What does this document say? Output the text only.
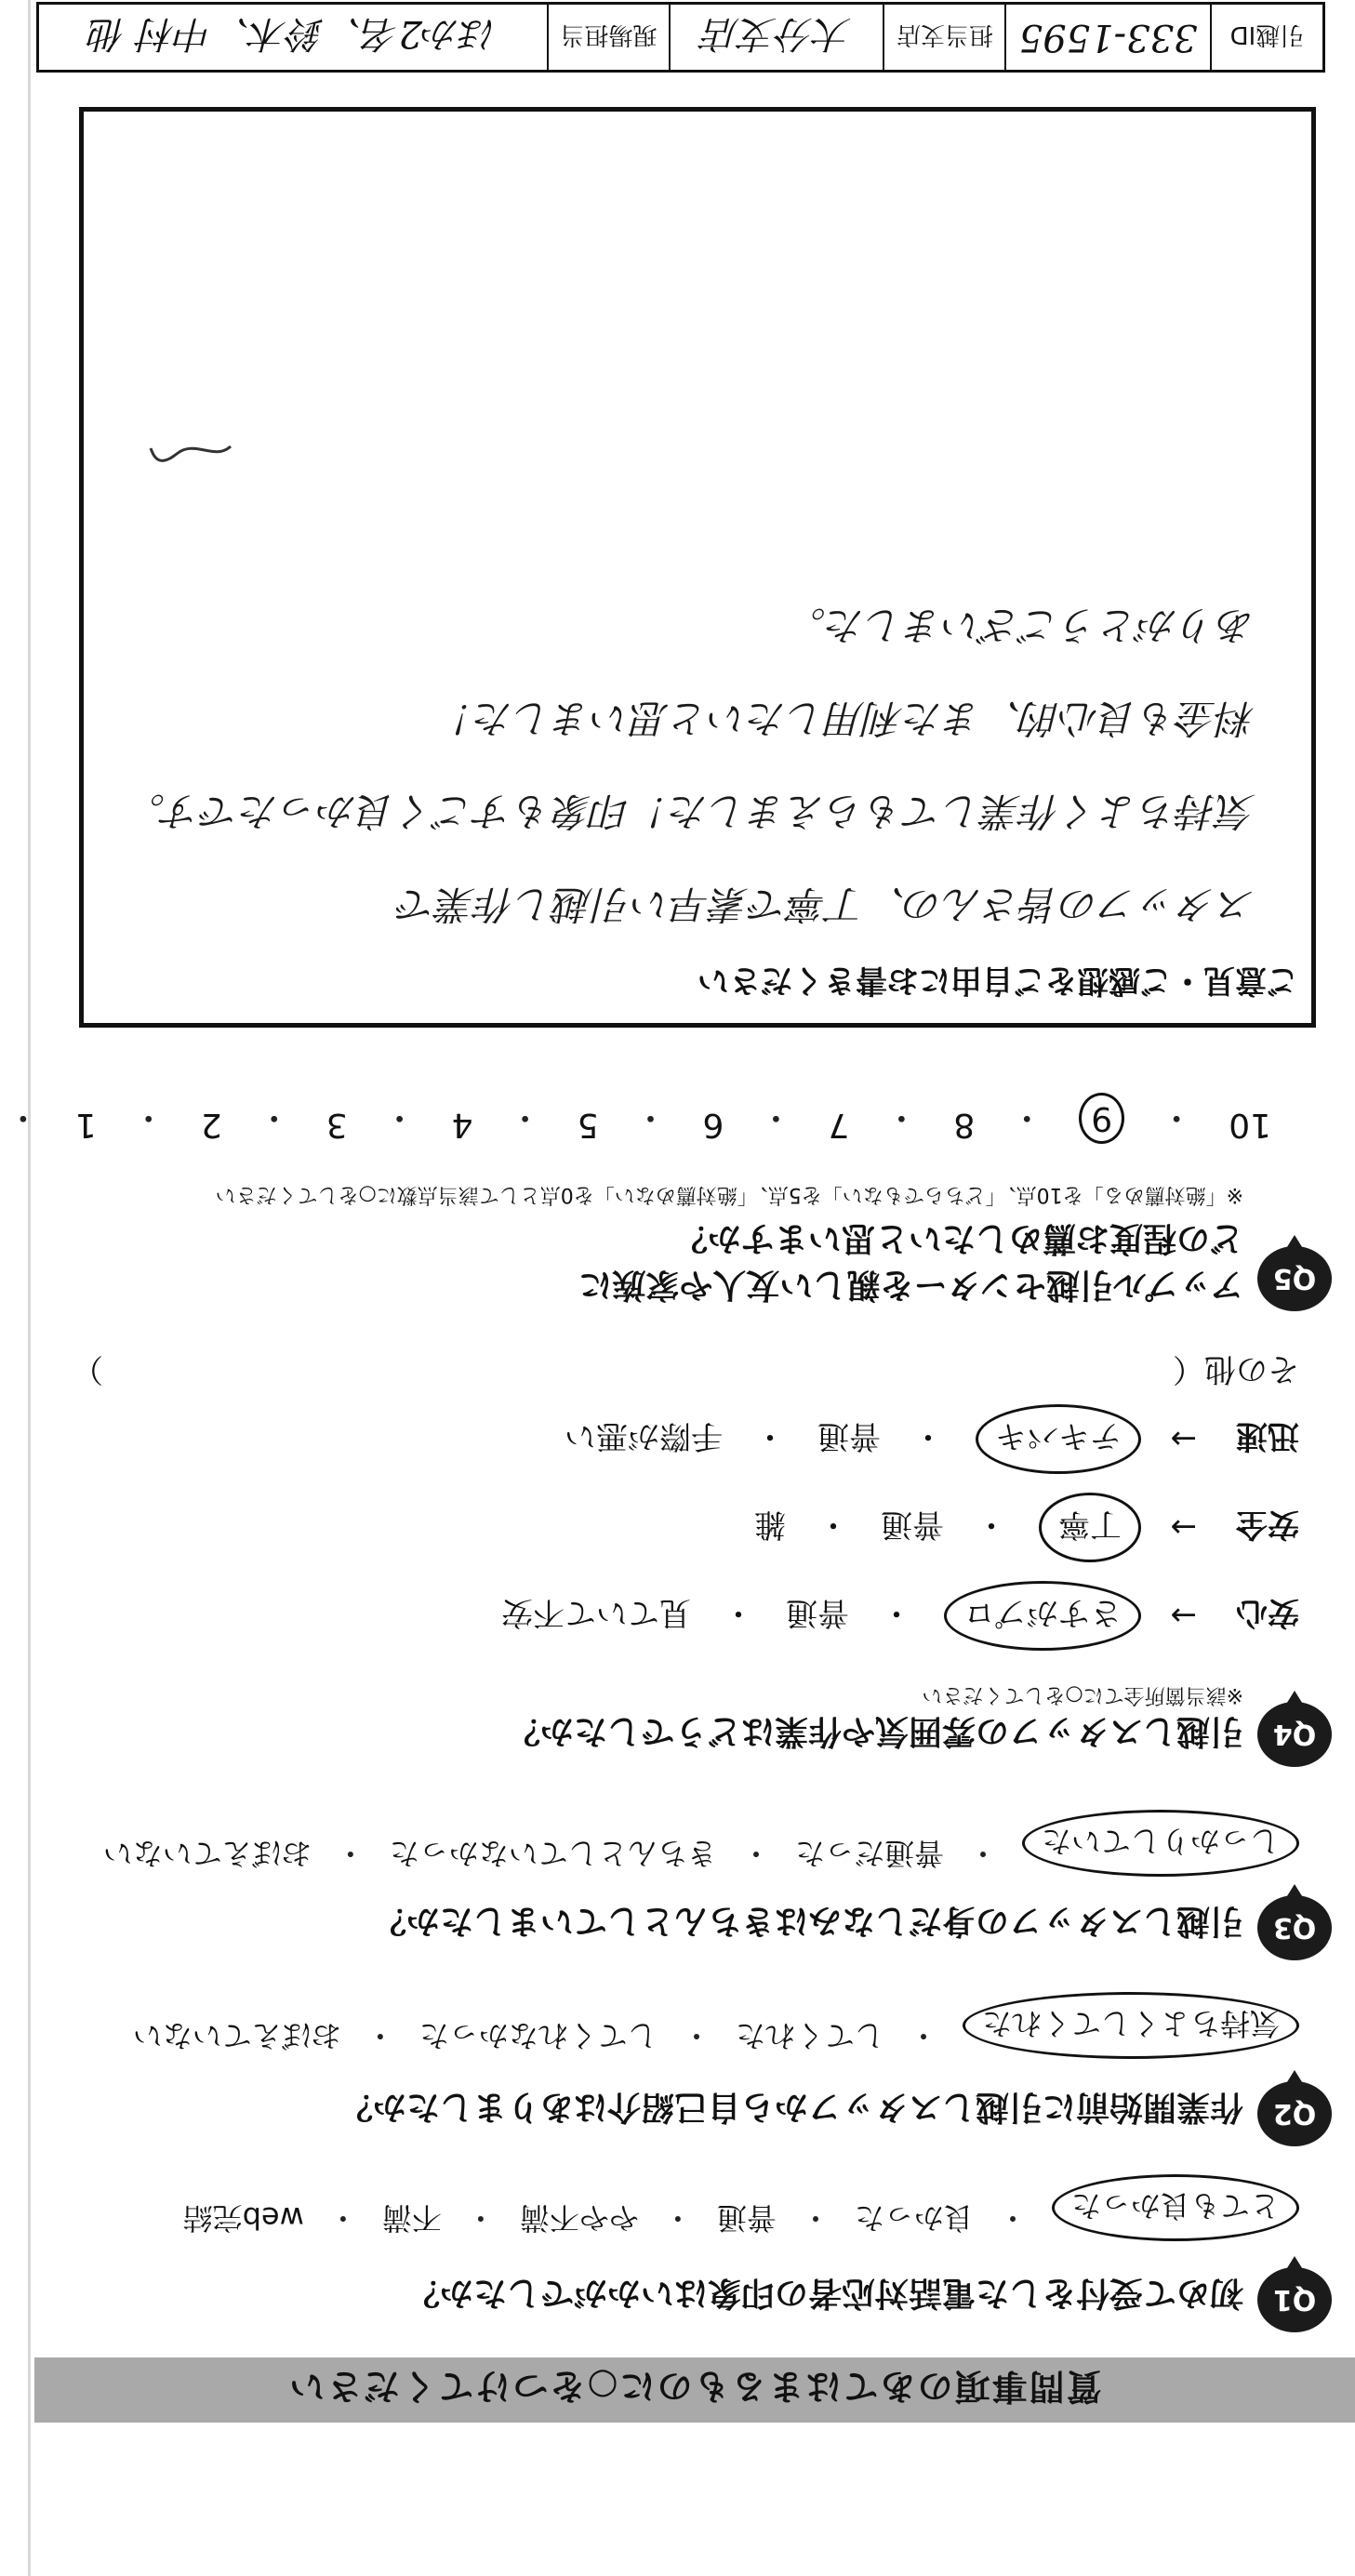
質問事項のあてはまるものに○をつけてください
Q1
初めて受付をした電話対応者の印象はいかがでしたか？
とても良かった
・
良かった
・
普通
・
やや不満
・
不満
・
web完結
Q2
作業開始前に引越しスタッフから自己紹介はありましたか？
気持ちよくしてくれた
・
してくれた
・
してくれなかった
・
おぼえていない
Q3
引越しスタッフの身だしなみはきちんとしていましたか？
しっかりしていた
・
普通だった
・
きちんとしていなかった
・
おぼえていない
Q4
引越しスタッフの雰囲気や作業はどうでしたか？
※該当箇所全てに○をしてください
安心
→
さすがプロ
・
普通
・
見ていて不安
安全
→
丁寧
・
普通
・
雑
迅速
→
テキパキ
・
普通
・
手際が悪い
その他（
）
Q5
アップル引越センターを親しい友人や家族に
どの程度お薦めしたいと思いますか？
※「絶対薦める」を10点、「どちらでもない」を5点、「絶対薦めない」を0点として該当点数に○をしてください
10
・
9
・
8
・
7
・
6
・
5
・
4
・
3
・
2
・
1
・
ご意見・ご感想をご自由にお書きください
スタッフの皆さんの、丁寧で素早い引越し作業で
気持ちよく作業してもらえました！印象もすごく良かったです。
料金も良心的、また利用したいと思いました！
ありがとうございました。
引越ID
333-1595
担当支店
大分支店
現場担当
ほか2名、鈴木、中村 他
